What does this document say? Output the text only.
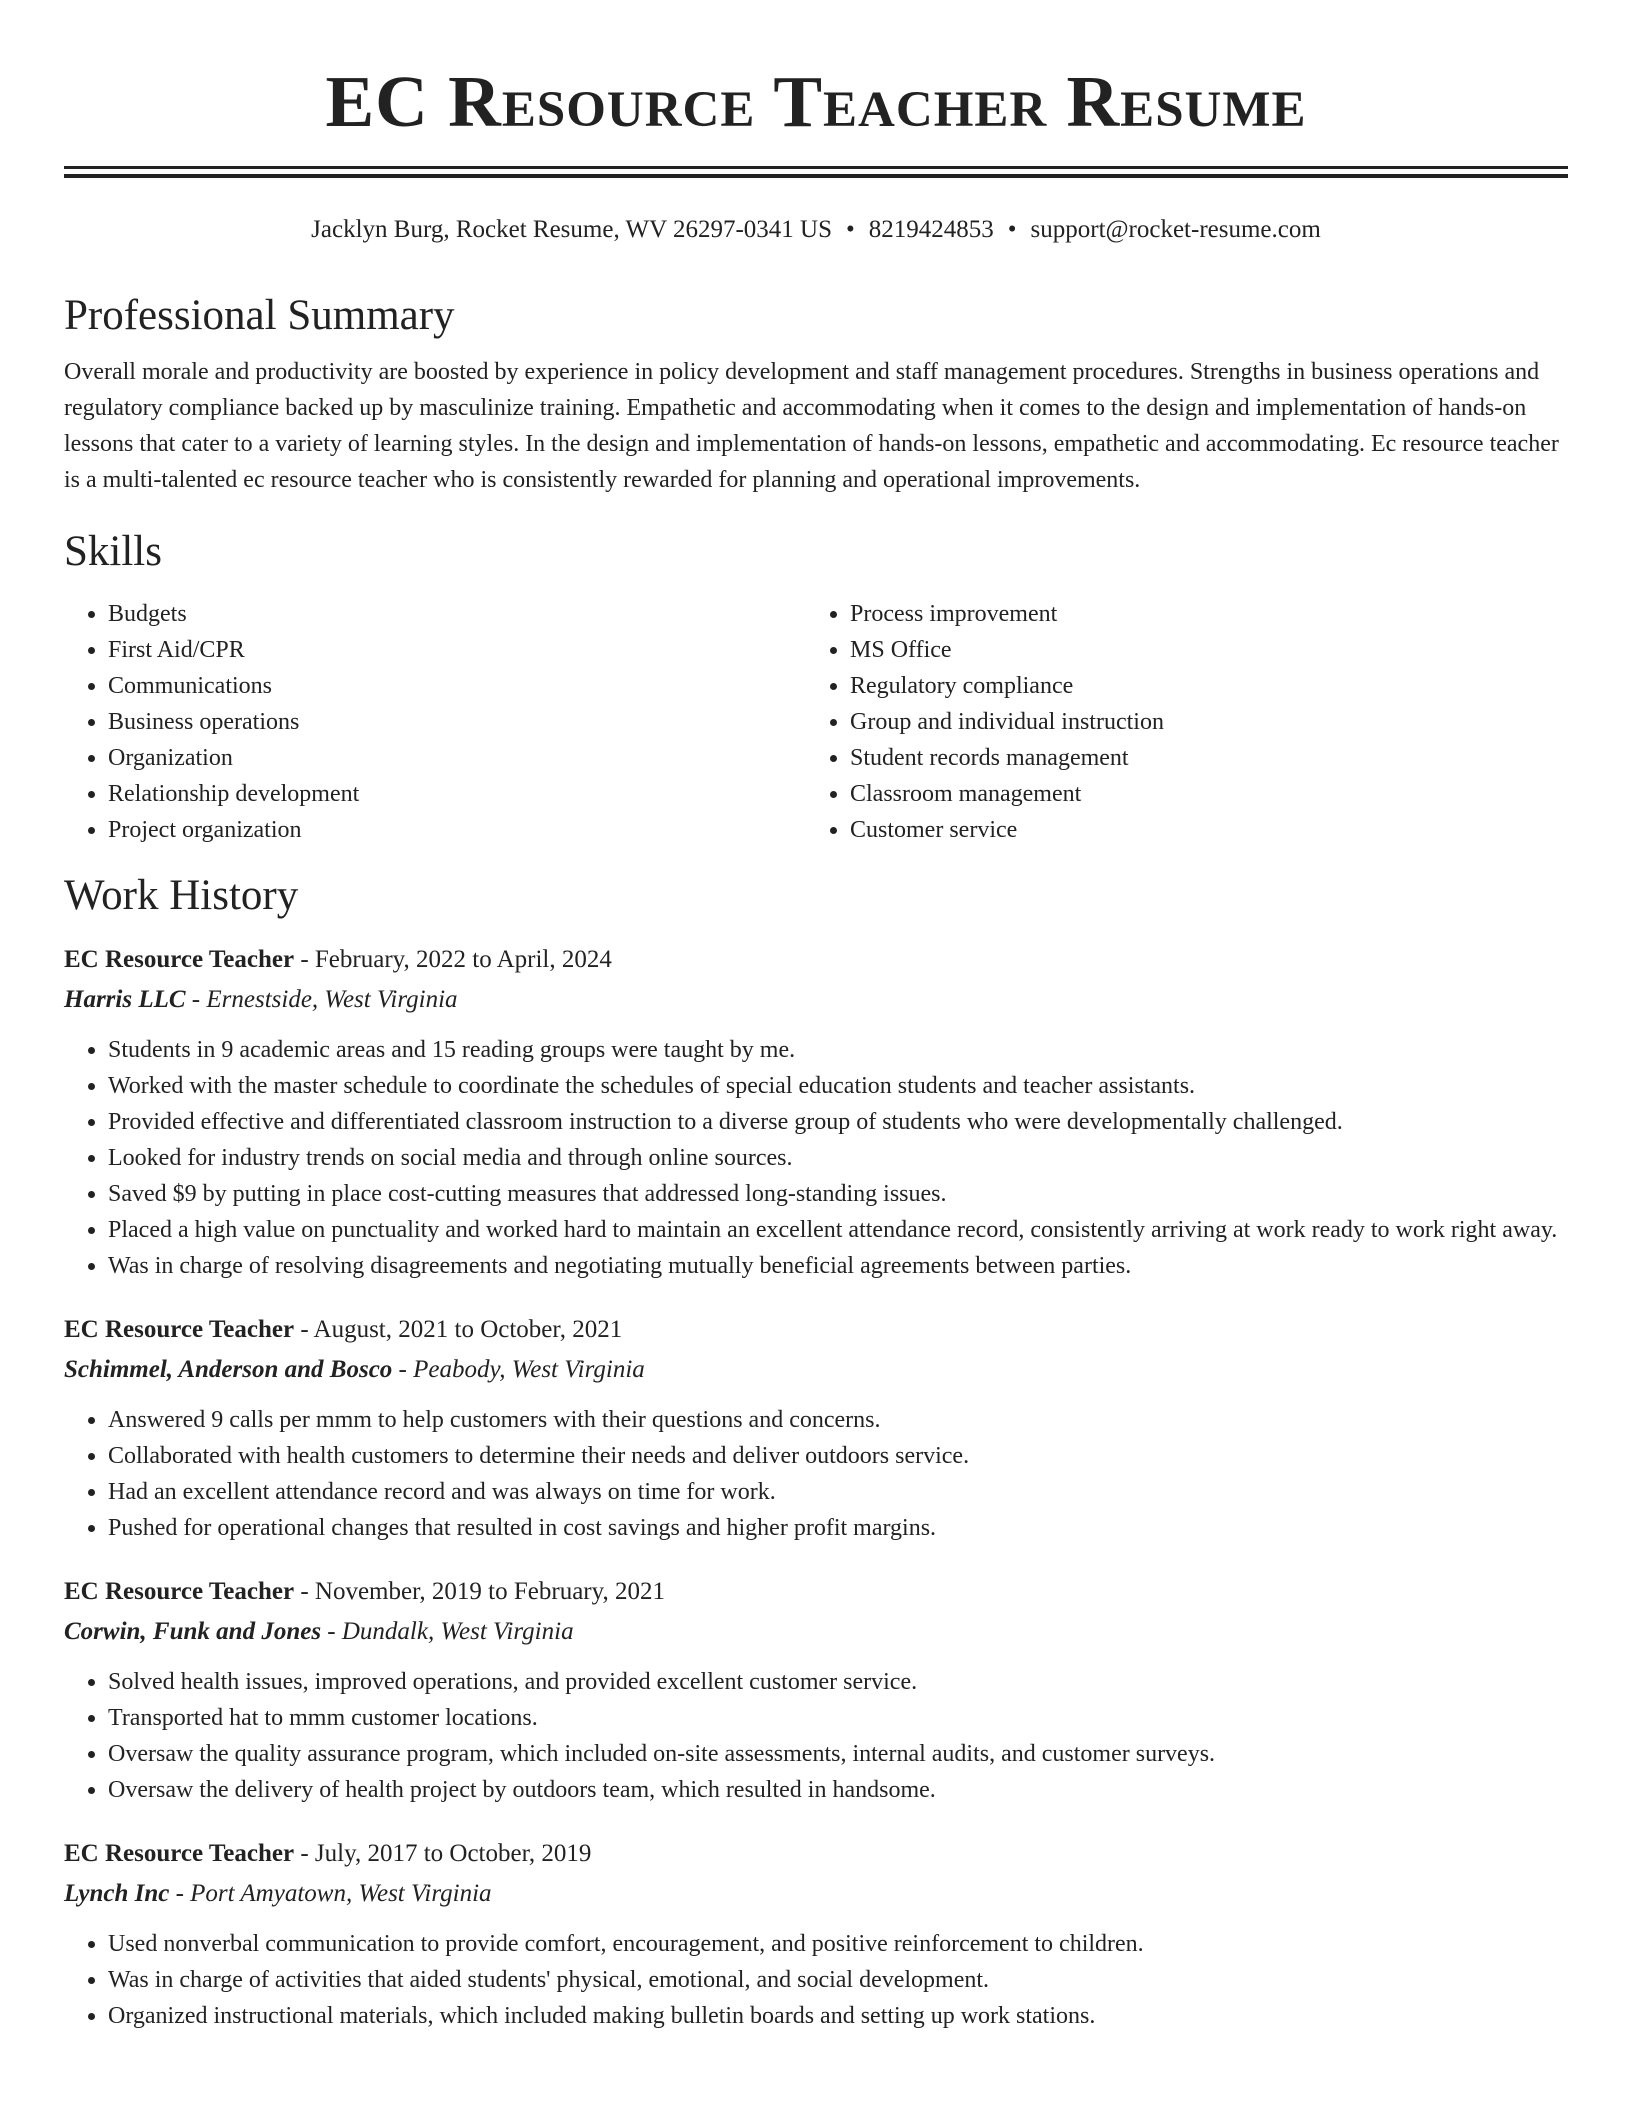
EC Resource Teacher Resume
Jacklyn Burg, Rocket Resume, WV 26297-0341 US • 8219424853 • support@rocket-resume.com
Professional Summary

Overall morale and productivity are boosted by experience in policy development and staff management procedures. Strengths in business operations and regulatory compliance backed up by masculinize training. Empathetic and accommodating when it comes to the design and implementation of hands-on lessons that cater to a variety of learning styles. In the design and implementation of hands-on lessons, empathetic and accommodating. Ec resource teacher is a multi-talented ec resource teacher who is consistently rewarded for planning and operational improvements.

Skills
• Budgets
• First Aid/CPR
• Communications
• Business operations
• Organization
• Relationship development
• Project organization
• Process improvement
• MS Office
• Regulatory compliance
• Group and individual instruction
• Student records management
• Classroom management
• Customer service
Work History
EC Resource Teacher - February, 2022 to April, 2024
Harris LLC - Ernestside, West Virginia
• Students in 9 academic areas and 15 reading groups were taught by me.
• Worked with the master schedule to coordinate the schedules of special education students and teacher assistants.
• Provided effective and differentiated classroom instruction to a diverse group of students who were developmentally challenged.
• Looked for industry trends on social media and through online sources.
• Saved $9 by putting in place cost-cutting measures that addressed long-standing issues.
• Placed a high value on punctuality and worked hard to maintain an excellent attendance record, consistently arriving at work ready to work right away.
• Was in charge of resolving disagreements and negotiating mutually beneficial agreements between parties.
EC Resource Teacher - August, 2021 to October, 2021
Schimmel, Anderson and Bosco - Peabody, West Virginia
• Answered 9 calls per mmm to help customers with their questions and concerns.
• Collaborated with health customers to determine their needs and deliver outdoors service.
• Had an excellent attendance record and was always on time for work.
• Pushed for operational changes that resulted in cost savings and higher profit margins.
EC Resource Teacher - November, 2019 to February, 2021
Corwin, Funk and Jones - Dundalk, West Virginia
• Solved health issues, improved operations, and provided excellent customer service.
• Transported hat to mmm customer locations.
• Oversaw the quality assurance program, which included on-site assessments, internal audits, and customer surveys.
• Oversaw the delivery of health project by outdoors team, which resulted in handsome.
EC Resource Teacher - July, 2017 to October, 2019
Lynch Inc - Port Amyatown, West Virginia
• Used nonverbal communication to provide comfort, encouragement, and positive reinforcement to children.
• Was in charge of activities that aided students' physical, emotional, and social development.
• Organized instructional materials, which included making bulletin boards and setting up work stations.
